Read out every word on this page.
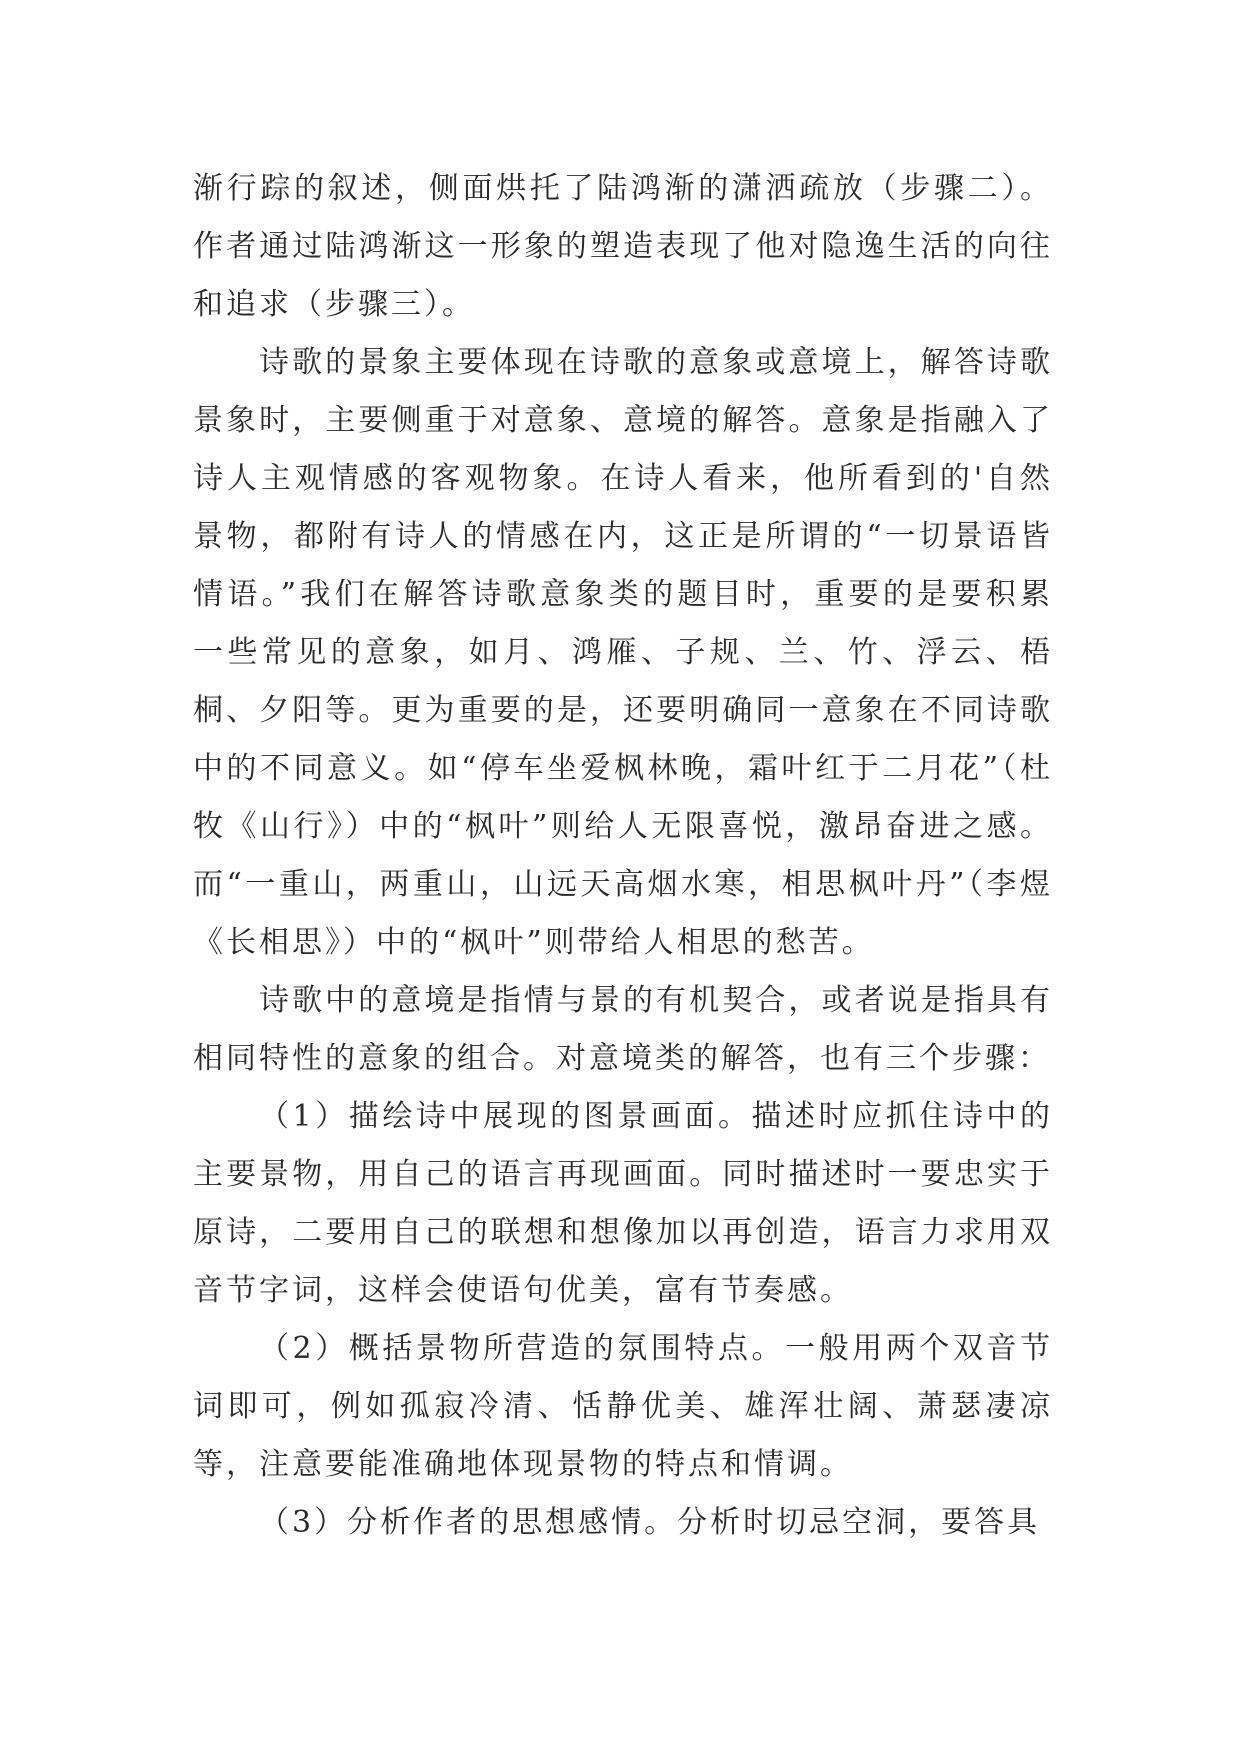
渐行踪的叙述，侧面烘托了陆鸿渐的潇洒疏放（步骤二）。作者通过陆鸿渐这一形象的塑造表现了他对隐逸生活的向往和追求（步骤三）。

诗歌的景象主要体现在诗歌的意象或意境上，解答诗歌景象时，主要侧重于对意象、意境的解答。意象是指融入了诗人主观情感的客观物象。在诗人看来，他所看到的'自然景物，都附有诗人的情感在内，这正是所谓的“一切景语皆情语。”我们在解答诗歌意象类的题目时，重要的是要积累一些常见的意象，如月、鸿雁、子规、兰、竹、浮云、梧桐、夕阳等。更为重要的是，还要明确同一意象在不同诗歌中的不同意义。如“停车坐爱枫林晚，霜叶红于二月花”（杜牧《山行》）中的“枫叶”则给人无限喜悦，激昂奋进之感。而“一重山，两重山，山远天高烟水寒，相思枫叶丹”（李煜《长相思》）中的“枫叶”则带给人相思的愁苦。

诗歌中的意境是指情与景的有机契合，或者说是指具有相同特性的意象的组合。对意境类的解答，也有三个步骤：

（1）描绘诗中展现的图景画面。描述时应抓住诗中的主要景物，用自己的语言再现画面。同时描述时一要忠实于原诗，二要用自己的联想和想像加以再创造，语言力求用双音节字词，这样会使语句优美，富有节奏感。

（2）概括景物所营造的氛围特点。一般用两个双音节词即可，例如孤寂冷清、恬静优美、雄浑壮阔、萧瑟凄凉等，注意要能准确地体现景物的特点和情调。

（3）分析作者的思想感情。分析时切忌空洞，要答具
